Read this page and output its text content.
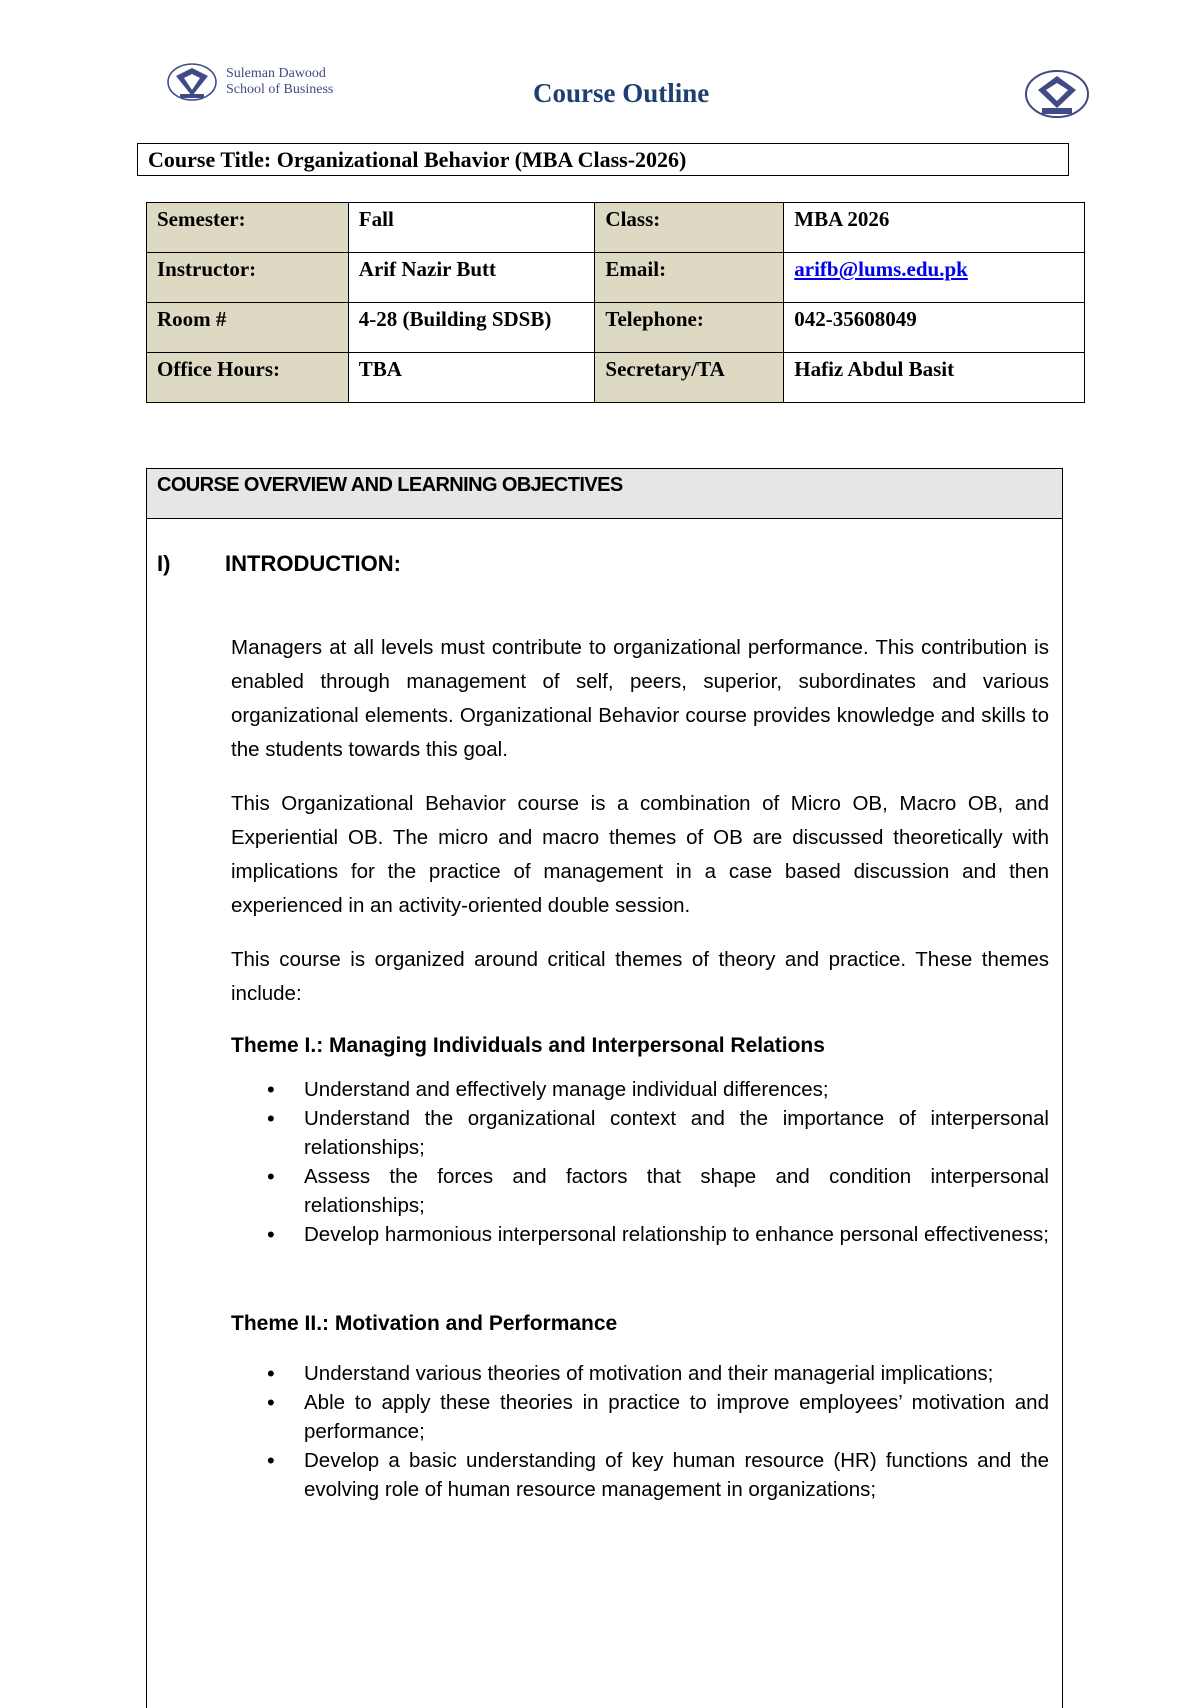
Suleman Dawood
School of Business	Course Outline
Course Title: Organizational Behavior (MBA Class-2026)
Semester:	Fall	Class:	MBA 2026
Instructor:	Arif Nazir Butt	Email:	arifb@lums.edu.pk
Room #	4-28 (Building SDSB)	Telephone:	042-35608049
Office Hours:	TBA	Secretary/TA	Hafiz Abdul Basit
COURSE OVERVIEW AND LEARNING OBJECTIVES
I) INTRODUCTION:

Managers at all levels must contribute to organizational performance. This contribution is enabled through management of self, peers, superior, subordinates and various organizational elements. Organizational Behavior course provides knowledge and skills to the students towards this goal.

This Organizational Behavior course is a combination of Micro OB, Macro OB, and Experiential OB. The micro and macro themes of OB are discussed theoretically with implications for the practice of management in a case based discussion and then experienced in an activity-oriented double session.

This course is organized around critical themes of theory and practice. These themes include:

Theme I.: Managing Individuals and Interpersonal Relations
• Understand and effectively manage individual differences;
• Understand the organizational context and the importance of interpersonal relationships;
• Assess the forces and factors that shape and condition interpersonal relationships;
• Develop harmonious interpersonal relationship to enhance personal effectiveness;
Theme II.: Motivation and Performance
• Understand various theories of motivation and their managerial implications;
• Able to apply these theories in practice to improve employees’ motivation and performance;
• Develop a basic understanding of key human resource (HR) functions and the evolving role of human resource management in organizations;
